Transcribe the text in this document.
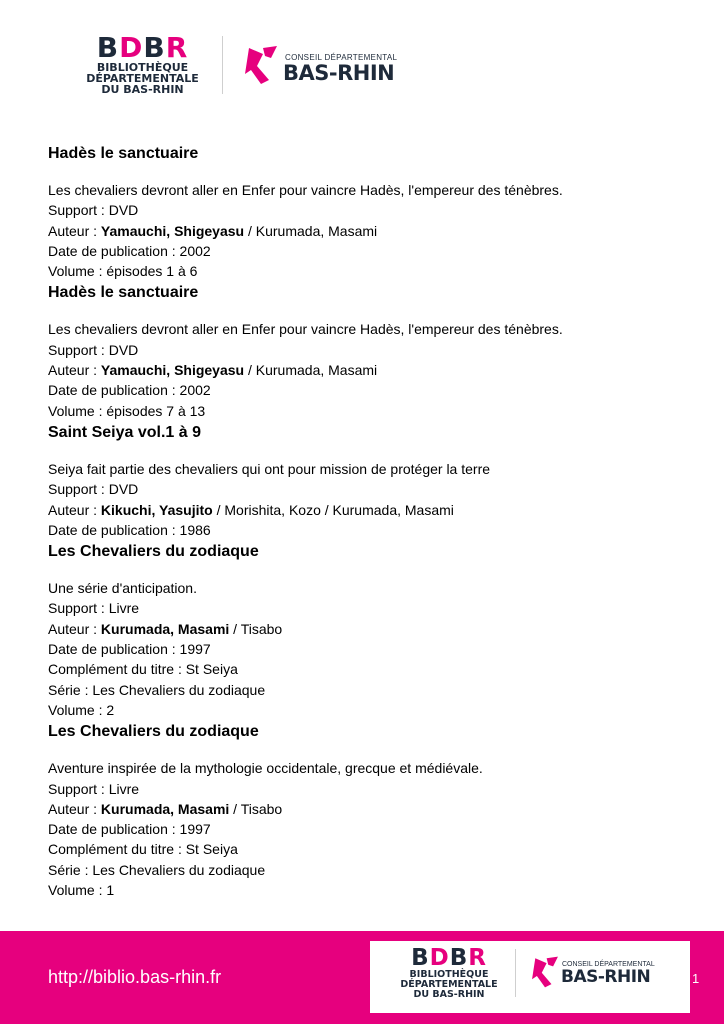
BDBR
BIBLIOTHÈQUE
DÉPARTEMENTALE
DU BAS-RHIN
CONSEIL DÉPARTEMENTAL
BAS-RHIN
Hadès le sanctuaire
Les chevaliers devront aller en Enfer pour vaincre Hadès, l'empereur des ténèbres.
Support : DVD
Auteur : Yamauchi, Shigeyasu / Kurumada, Masami
Date de publication : 2002
Volume : épisodes 1 à 6
Hadès le sanctuaire
Les chevaliers devront aller en Enfer pour vaincre Hadès, l'empereur des ténèbres.
Support : DVD
Auteur : Yamauchi, Shigeyasu / Kurumada, Masami
Date de publication : 2002
Volume : épisodes 7 à 13
Saint Seiya vol.1 à 9
Seiya fait partie des chevaliers qui ont pour mission de protéger la terre
Support : DVD
Auteur : Kikuchi, Yasujito / Morishita, Kozo / Kurumada, Masami
Date de publication : 1986
Les Chevaliers du zodiaque
Une série d'anticipation.
Support : Livre
Auteur : Kurumada, Masami / Tisabo
Date de publication : 1997
Complément du titre : St Seiya
Série : Les Chevaliers du zodiaque
Volume : 2
Les Chevaliers du zodiaque
Aventure inspirée de la mythologie occidentale, grecque et médiévale.
Support : Livre
Auteur : Kurumada, Masami / Tisabo
Date de publication : 1997
Complément du titre : St Seiya
Série : Les Chevaliers du zodiaque
Volume : 1
http://biblio.bas-rhin.fr
BDBR
BIBLIOTHÈQUE
DÉPARTEMENTALE
DU BAS-RHIN
CONSEIL DÉPARTEMENTAL
BAS-RHIN	1
